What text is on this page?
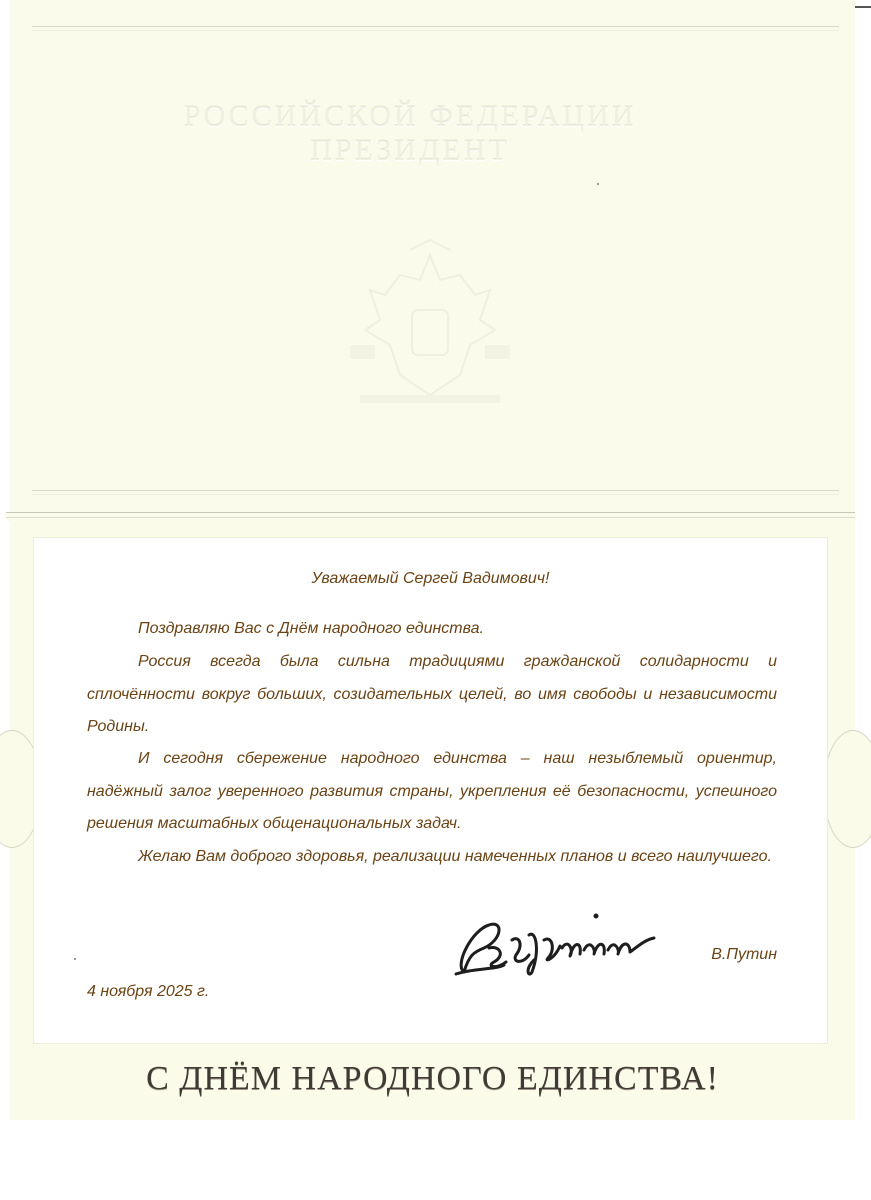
РОССИЙСКОЙ ФЕДЕРАЦИИ
ПРЕЗИДЕНТ
Уважаемый Сергей Вадимович!
Поздравляю Вас с Днём народного единства.
Россия всегда была сильна традициями гражданской солидарности и сплочённости вокруг больших, созидательных целей, во имя свободы и независимости Родины.
И сегодня сбережение народного единства – наш незыблемый ориентир, надёжный залог уверенного развития страны, укрепления её безопасности, успешного решения масштабных общенациональных задач.
Желаю Вам доброго здоровья, реализации намеченных планов и всего наилучшего.
В.Путин
4 ноября 2025 г.
С ДНЁМ НАРОДНОГО ЕДИНСТВА!
